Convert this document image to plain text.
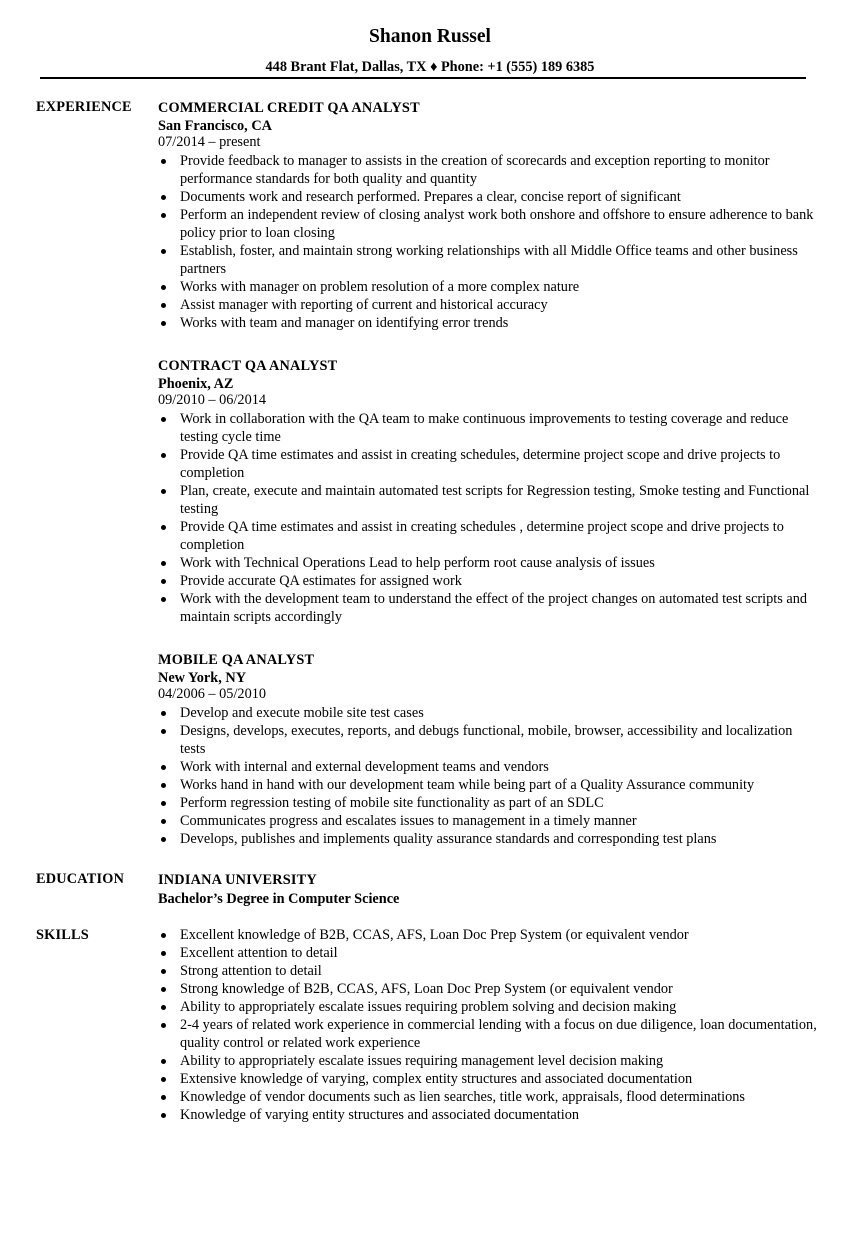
Shanon Russel
448 Brant Flat, Dallas, TX ♦ Phone: +1 (555) 189 6385
EXPERIENCE COMMERCIAL CREDIT QA ANALYST
San Francisco, CA
07/2014 – present
Provide feedback to manager to assists in the creation of scorecards and exception reporting to monitor performance standards for both quality and quantity
Documents work and research performed. Prepares a clear, concise report of significant
Perform an independent review of closing analyst work both onshore and offshore to ensure adherence to bank policy prior to loan closing
Establish, foster, and maintain strong working relationships with all Middle Office teams and other business partners
Works with manager on problem resolution of a more complex nature
Assist manager with reporting of current and historical accuracy
Works with team and manager on identifying error trends
CONTRACT QA ANALYST
Phoenix, AZ
09/2010 – 06/2014
Work in collaboration with the QA team to make continuous improvements to testing coverage and reduce testing cycle time
Provide QA time estimates and assist in creating schedules, determine project scope and drive projects to completion
Plan, create, execute and maintain automated test scripts for Regression testing, Smoke testing and Functional testing
Provide QA time estimates and assist in creating schedules , determine project scope and drive projects to completion
Work with Technical Operations Lead to help perform root cause analysis of issues
Provide accurate QA estimates for assigned work
Work with the development team to understand the effect of the project changes on automated test scripts and maintain scripts accordingly
MOBILE QA ANALYST
New York, NY
04/2006 – 05/2010
Develop and execute mobile site test cases
Designs, develops, executes, reports, and debugs functional, mobile, browser, accessibility and localization tests
Work with internal and external development teams and vendors
Works hand in hand with our development team while being part of a Quality Assurance community
Perform regression testing of mobile site functionality as part of an SDLC
Communicates progress and escalates issues to management in a timely manner
Develops, publishes and implements quality assurance standards and corresponding test plans
EDUCATION INDIANA UNIVERSITY
Bachelor’s Degree in Computer Science
SKILLS	Excellent knowledge of B2B, CCAS, AFS, Loan Doc Prep System (or equivalent vendor
Excellent attention to detail
Strong attention to detail
Strong knowledge of B2B, CCAS, AFS, Loan Doc Prep System (or equivalent vendor
Ability to appropriately escalate issues requiring problem solving and decision making
2-4 years of related work experience in commercial lending with a focus on due diligence, loan documentation, quality control or related work experience
Ability to appropriately escalate issues requiring management level decision making
Extensive knowledge of varying, complex entity structures and associated documentation
Knowledge of vendor documents such as lien searches, title work, appraisals, flood determinations
Knowledge of varying entity structures and associated documentation
